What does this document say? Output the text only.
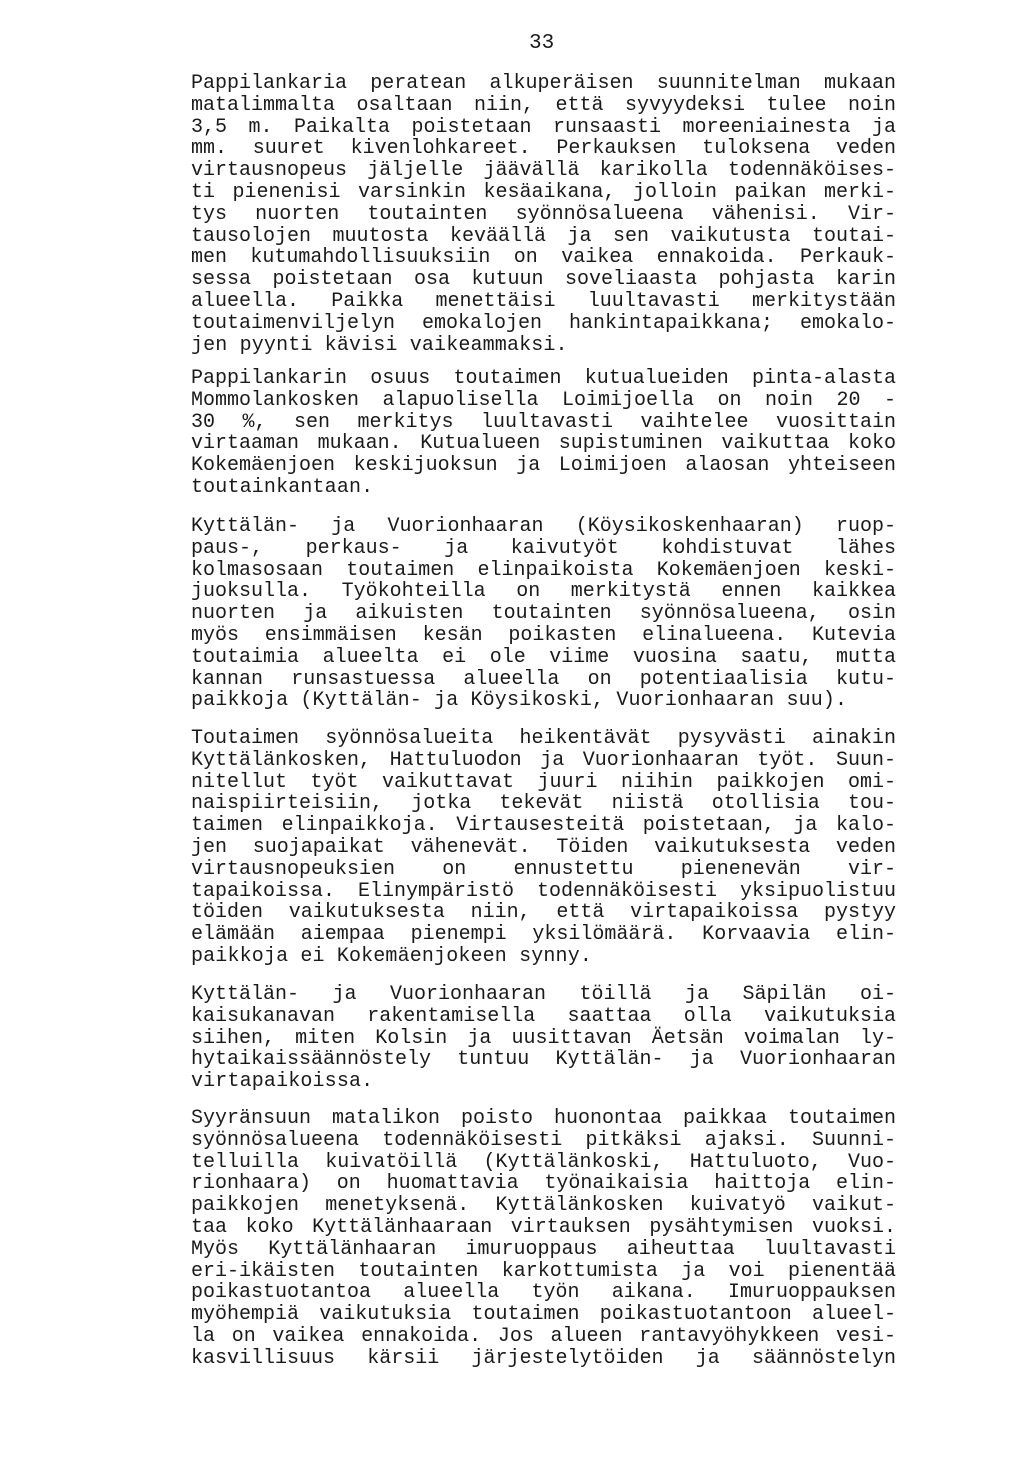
33
Pappilankaria peratean alkuperäisen suunnitelman mukaan
matalimmalta osaltaan niin, että syvyydeksi tulee noin
3,5 m. Paikalta poistetaan runsaasti moreeniainesta ja
mm. suuret kivenlohkareet. Perkauksen tuloksena veden
virtausnopeus jäljelle jäävällä karikolla todennäköises-
ti pienenisi varsinkin kesäaikana, jolloin paikan merki-
tys nuorten toutainten syönnösalueena vähenisi. Vir-
tausolojen muutosta keväällä ja sen vaikutusta toutai-
men kutumahdollisuuksiin on vaikea ennakoida. Perkauk-
sessa poistetaan osa kutuun soveliaasta pohjasta karin
alueella. Paikka menettäisi luultavasti merkitystään
toutaimenviljelyn emokalojen hankintapaikkana; emokalo-
jen pyynti kävisi vaikeammaksi.
Pappilankarin osuus toutaimen kutualueiden pinta-alasta
Mommolankosken alapuolisella Loimijoella on noin 20 -
30 %, sen merkitys luultavasti vaihtelee vuosittain
virtaaman mukaan. Kutualueen supistuminen vaikuttaa koko
Kokemäenjoen keskijuoksun ja Loimijoen alaosan yhteiseen
toutainkantaan.
Kyttälän- ja Vuorionhaaran (Köysikoskenhaaran) ruop-
paus-, perkaus- ja kaivutyöt kohdistuvat lähes
kolmasosaan toutaimen elinpaikoista Kokemäenjoen keski-
juoksulla. Työkohteilla on merkitystä ennen kaikkea
nuorten ja aikuisten toutainten syönnösalueena, osin
myös ensimmäisen kesän poikasten elinalueena. Kutevia
toutaimia alueelta ei ole viime vuosina saatu, mutta
kannan runsastuessa alueella on potentiaalisia kutu-
paikkoja (Kyttälän- ja Köysikoski, Vuorionhaaran suu).
Toutaimen syönnösalueita heikentävät pysyvästi ainakin
Kyttälänkosken, Hattuluodon ja Vuorionhaaran työt. Suun-
nitellut työt vaikuttavat juuri niihin paikkojen omi-
naispiirteisiin, jotka tekevät niistä otollisia tou-
taimen elinpaikkoja. Virtausesteitä poistetaan, ja kalo-
jen suojapaikat vähenevät. Töiden vaikutuksesta veden
virtausnopeuksien on ennustettu pienenevän vir-
tapaikoissa. Elinympäristö todennäköisesti yksipuolistuu
töiden vaikutuksesta niin, että virtapaikoissa pystyy
elämään aiempaa pienempi yksilömäärä. Korvaavia elin-
paikkoja ei Kokemäenjokeen synny.
Kyttälän- ja Vuorionhaaran töillä ja Säpilän oi-
kaisukanavan rakentamisella saattaa olla vaikutuksia
siihen, miten Kolsin ja uusittavan Äetsän voimalan ly-
hytaikaissäännöstely tuntuu Kyttälän- ja Vuorionhaaran
virtapaikoissa.
Syyränsuun matalikon poisto huonontaa paikkaa toutaimen
syönnösalueena todennäköisesti pitkäksi ajaksi. Suunni-
telluilla kuivatöillä (Kyttälänkoski, Hattuluoto, Vuo-
rionhaara) on huomattavia työnaikaisia haittoja elin-
paikkojen menetyksenä. Kyttälänkosken kuivatyö vaikut-
taa koko Kyttälänhaaraan virtauksen pysähtymisen vuoksi.
Myös Kyttälänhaaran imuruoppaus aiheuttaa luultavasti
eri-ikäisten toutainten karkottumista ja voi pienentää
poikastuotantoa alueella työn aikana. Imuruoppauksen
myöhempiä vaikutuksia toutaimen poikastuotantoon alueel-
la on vaikea ennakoida. Jos alueen rantavyöhykkeen vesi-
kasvillisuus kärsii järjestelytöiden ja säännöstelyn
